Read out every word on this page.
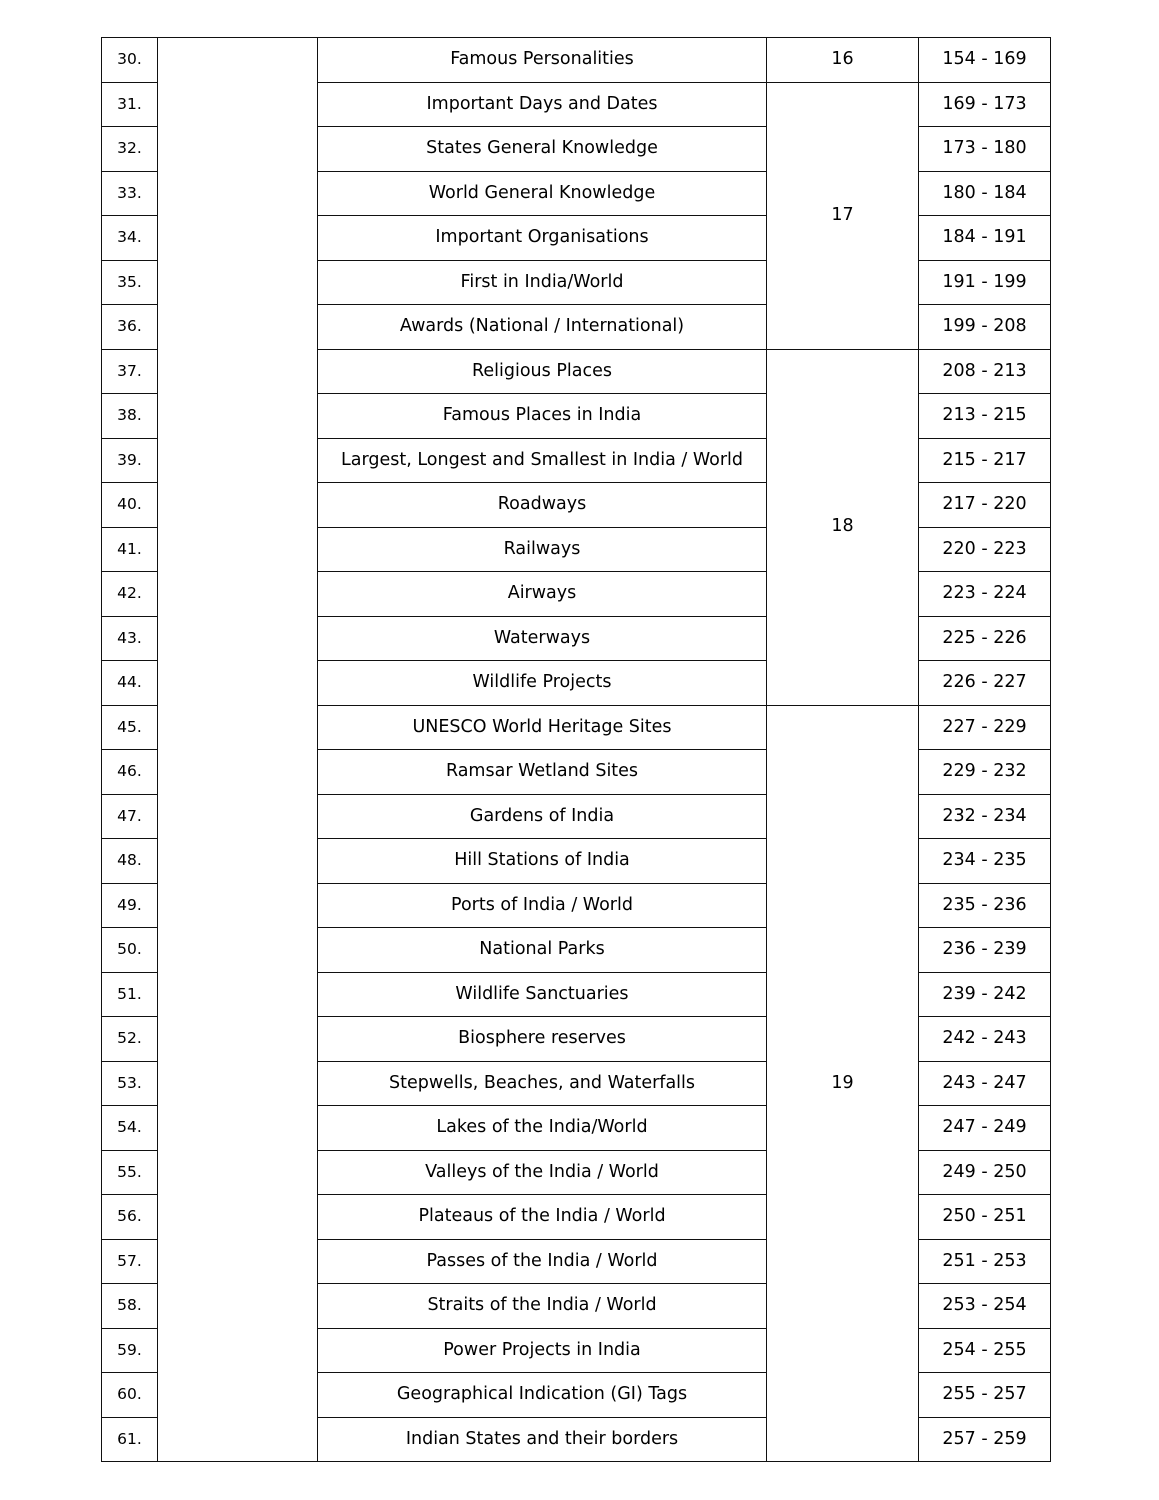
30.		Famous Personalities	16	154 - 169
31.		Important Days and Dates	17	169 - 173
32.		States General Knowledge		173 - 180
33.		World General Knowledge		180 - 184
34.		Important Organisations		184 - 191
35.		First in India/World		191 - 199
36.		Awards (National / International)		199 - 208
37.		Religious Places	18	208 - 213
38.		Famous Places in India		213 - 215
39.		Largest, Longest and Smallest in India / World		215 - 217
40.		Roadways		217 - 220
41.		Railways		220 - 223
42.		Airways		223 - 224
43.		Waterways		225 - 226
44.		Wildlife Projects		226 - 227
45.		UNESCO World Heritage Sites	19	227 - 229
46.		Ramsar Wetland Sites		229 - 232
47.		Gardens of India		232 - 234
48.		Hill Stations of India		234 - 235
49.		Ports of India / World		235 - 236
50.		National Parks		236 - 239
51.		Wildlife Sanctuaries		239 - 242
52.		Biosphere reserves		242 - 243
53.		Stepwells, Beaches, and Waterfalls		243 - 247
54.		Lakes of the India/World		247 - 249
55.		Valleys of the India / World		249 - 250
56.		Plateaus of the India / World		250 - 251
57.		Passes of the India / World		251 - 253
58.		Straits of the India / World		253 - 254
59.		Power Projects in India		254 - 255
60.		Geographical Indication (GI) Tags		255 - 257
61.		Indian States and their borders		257 - 259
